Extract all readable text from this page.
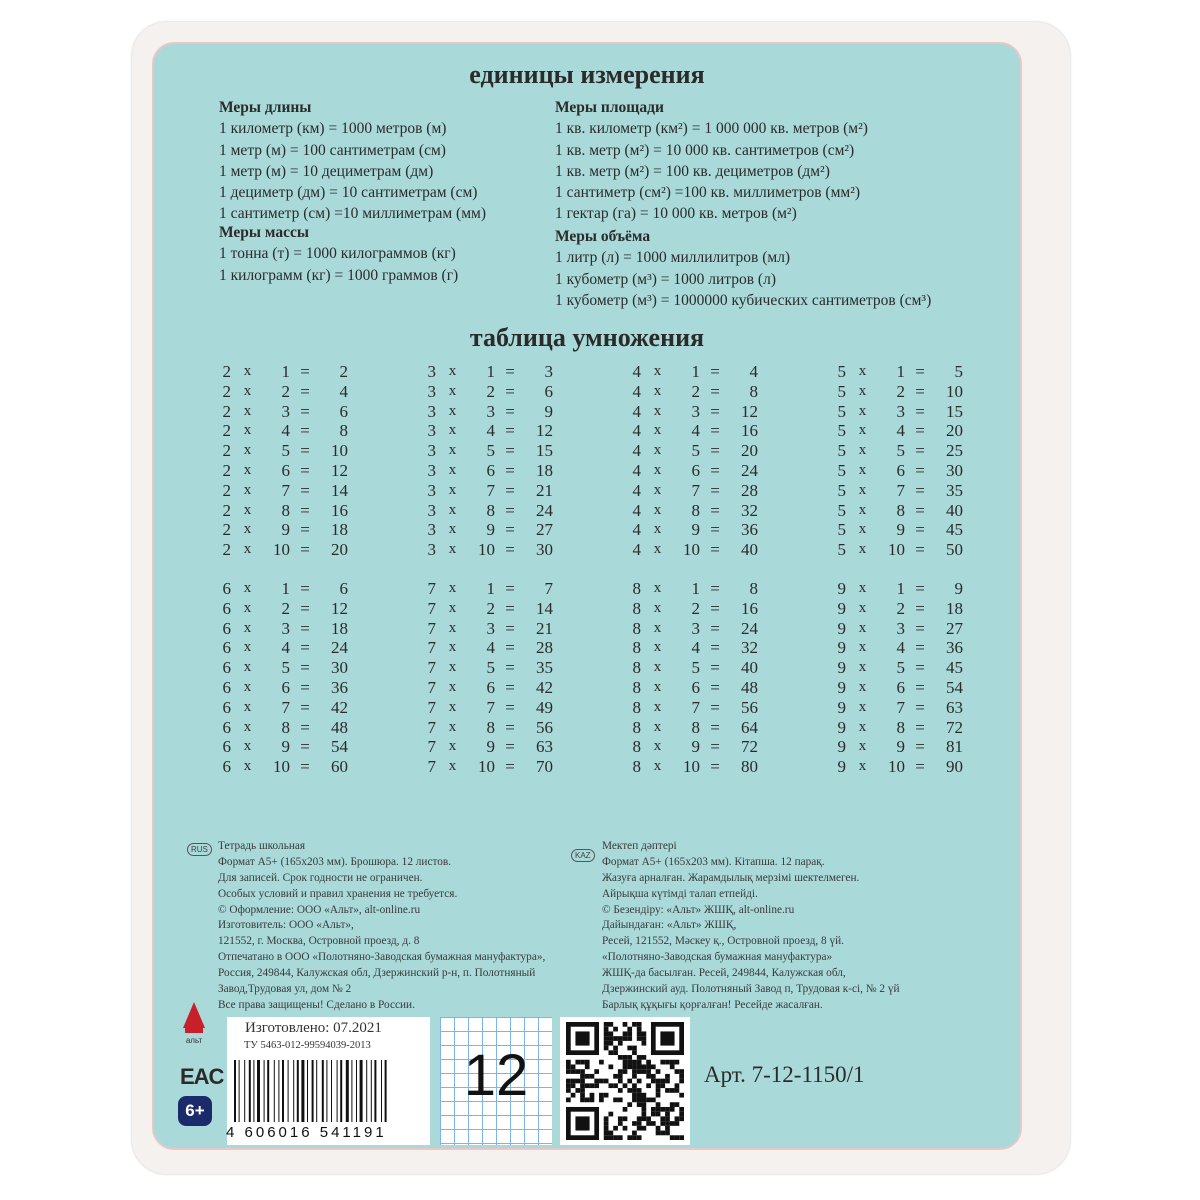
единицы измерения
Меры длины
1 километр (км) = 1000 метров (м)
1 метр (м) = 100 сантиметрам (см)
1 метр (м) = 10 дециметрам (дм)
1 дециметр (дм) = 10 сантиметрам (см)
1 сантиметр (см) =10 миллиметрам (мм)
Меры площади
1 кв. километр (км²) = 1 000 000 кв. метров (м²)
1 кв. метр (м²) = 10 000 кв. сантиметров (см²)
1 кв. метр (м²) = 100 кв. дециметров (дм²)
1 сантиметр (см²) =100 кв. миллиметров (мм²)
1 гектар (га) = 10 000 кв. метров (м²)
Меры массы
1 тонна (т) = 1000 килограммов (кг)
1 килограмм (кг) = 1000 граммов (г)
Меры объёма
1 литр (л) = 1000 миллилитров (мл)
1 кубометр (м³) = 1000 литров (л)
1 кубометр (м³) = 1000000 кубических сантиметров (см³)
таблица умножения
2 x	1 =	2
2 x	2 =	4
2 x	3 =	6
2 x	4 =	8
2 x	5 =	10
2 x	6 =	12
2 x	7 =	14
2 x	8 =	16
2 x	9 =	18
2 x	10 =	20
3 x	1 =	3
3 x	2 =	6
3 x	3 =	9
3 x	4 =	12
3 x	5 =	15
3 x	6 =	18
3 x	7 =	21
3 x	8 =	24
3 x	9 =	27
3 x	10 =	30
4 x	1 =	4
4 x	2 =	8
4 x	3 =	12
4 x	4 =	16
4 x	5 =	20
4 x	6 =	24
4 x	7 =	28
4 x	8 =	32
4 x	9 =	36
4 x	10 =	40
5 x	1 =	5
5 x	2 =	10
5 x	3 =	15
5 x	4 =	20
5 x	5 =	25
5 x	6 =	30
5 x	7 =	35
5 x	8 =	40
5 x	9 =	45
5 x	10 =	50
6 x	1 =	6
6 x	2 =	12
6 x	3 =	18
6 x	4 =	24
6 x	5 =	30
6 x	6 =	36
6 x	7 =	42
6 x	8 =	48
6 x	9 =	54
6 x	10 =	60
7 x	1 =	7
7 x	2 =	14
7 x	3 =	21
7 x	4 =	28
7 x	5 =	35
7 x	6 =	42
7 x	7 =	49
7 x	8 =	56
7 x	9 =	63
7 x	10 =	70
8 x	1 =	8
8 x	2 =	16
8 x	3 =	24
8 x	4 =	32
8 x	5 =	40
8 x	6 =	48
8 x	7 =	56
8 x	8 =	64
8 x	9 =	72
8 x	10 =	80
9 x	1 =	9
9 x	2 =	18
9 x	3 =	27
9 x	4 =	36
9 x	5 =	45
9 x	6 =	54
9 x	7 =	63
9 x	8 =	72
9 x	9 =	81
9 x	10 =	90
RUS Тетрадь школьная
Формат А5+ (165x203 мм). Брошюра. 12 листов.
Для записей. Срок годности не ограничен.
Особых условий и правил хранения не требуется.
© Оформление: ООО «Альт», alt-online.ru
Изготовитель: ООО «Альт»,
121552, г. Москва, Островной проезд, д. 8
Отпечатано в ООО «Полотняно-Заводская бумажная мануфактура»,
Россия, 249844, Калужская обл, Дзержинский р-н, п. Полотняный
Завод,Трудовая ул, дом № 2
Все права защищены! Сделано в России.
KAZ
Мектеп дәптері
Формат А5+ (165x203 мм). Кітапша. 12 парақ.
Жазуға арналған. Жарамдылық мерзімі шектелмеген.
Айрықша күтімді талап етпейді.
© Безендіру: «Альт» ЖШҚ, alt-online.ru
Дайындаған: «Альт» ЖШҚ,
Ресей, 121552, Мәскеу қ., Островной проезд, 8 үй.
«Полотняно-Заводская бумажная мануфактура»
ЖШҚ-да басылған. Ресей, 249844, Калужская обл,
Дзержинский ауд. Полотняный Завод п, Трудовая к-сі, № 2 үй
Барлық құқығы қорғалған! Ресейде жасалған.
альт
EAC
6+
Изготовлено: 07.2021
ТУ 5463-012-99594039-2013
4 606016 541191
12	Арт. 7-12-1150/1
